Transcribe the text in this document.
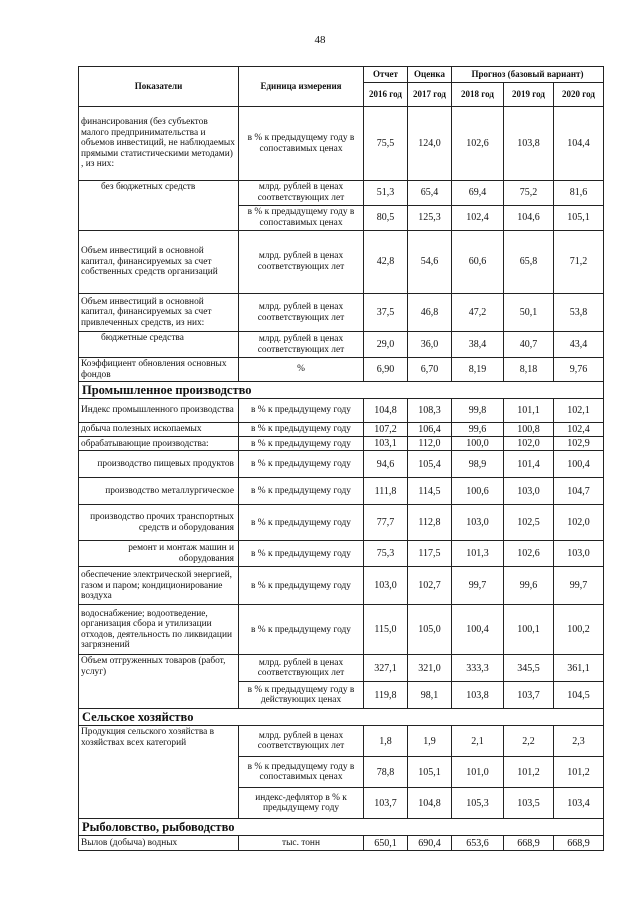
48
Показатели	Единица измерения	Отчет	Оценка	Прогноз (базовый вариант)		
		2016 год	2017 год	2018 год	2019 год	2020 год
финансирования (без субъектов малого предпринимательства и объемов инвестиций, не наблюдаемых прямыми статистическими методами) , из них:	в % к предыдущему году в сопоставимых ценах	75,5	124,0	102,6	103,8	104,4
без бюджетных средств	млрд. рублей в ценах соответствующих лет	51,3	65,4	69,4	75,2	81,6
	в % к предыдущему году в сопоставимых ценах	80,5	125,3	102,4	104,6	105,1
Объем инвестиций в основной капитал, финансируемых за счет собственных средств организаций	млрд. рублей в ценах соответствующих лет	42,8	54,6	60,6	65,8	71,2
Объем инвестиций в основной капитал, финансируемых за счет привлеченных средств, из них:	млрд. рублей в ценах соответствующих лет	37,5	46,8	47,2	50,1	53,8
бюджетные средства	млрд. рублей в ценах соответствующих лет	29,0	36,0	38,4	40,7	43,4
Коэффициент обновления основных фондов	%	6,90	6,70	8,19	8,18	9,76
Промышленное производство						
Индекс промышленного производства	в % к предыдущему году	104,8	108,3	99,8	101,1	102,1
добыча полезных ископаемых	в % к предыдущему году	107,2	106,4	99,6	100,8	102,4
обрабатывающие производства:	в % к предыдущему году	103,1	112,0	100,0	102,0	102,9
производство пищевых продуктов	в % к предыдущему году	94,6	105,4	98,9	101,4	100,4
производство металлургическое	в % к предыдущему году	111,8	114,5	100,6	103,0	104,7
производство прочих транспортных средств и оборудования	в % к предыдущему году	77,7	112,8	103,0	102,5	102,0
ремонт и монтаж машин и оборудования	в % к предыдущему году	75,3	117,5	101,3	102,6	103,0
обеспечение электрической энергией, газом и паром; кондиционирование воздуха	в % к предыдущему году	103,0	102,7	99,7	99,6	99,7
водоснабжение; водоотведение, организация сбора и утилизации отходов, деятельность по ликвидации загрязнений	в % к предыдущему году	115,0	105,0	100,4	100,1	100,2
Объем отгруженных товаров (работ, услуг)	млрд. рублей в ценах соответствующих лет	327,1	321,0	333,3	345,5	361,1
	в % к предыдущему году в действующих ценах	119,8	98,1	103,8	103,7	104,5
Сельское хозяйство						
Продукция сельского хозяйства в хозяйствах всех категорий	млрд. рублей в ценах соответствующих лет	1,8	1,9	2,1	2,2	2,3
	в % к предыдущему году в сопоставимых ценах	78,8	105,1	101,0	101,2	101,2
	индекс-дефлятор в % к предыдущему году	103,7	104,8	105,3	103,5	103,4
Рыболовство, рыбоводство						
Вылов (добыча) водных	тыс. тонн	650,1	690,4	653,6	668,9	668,9
